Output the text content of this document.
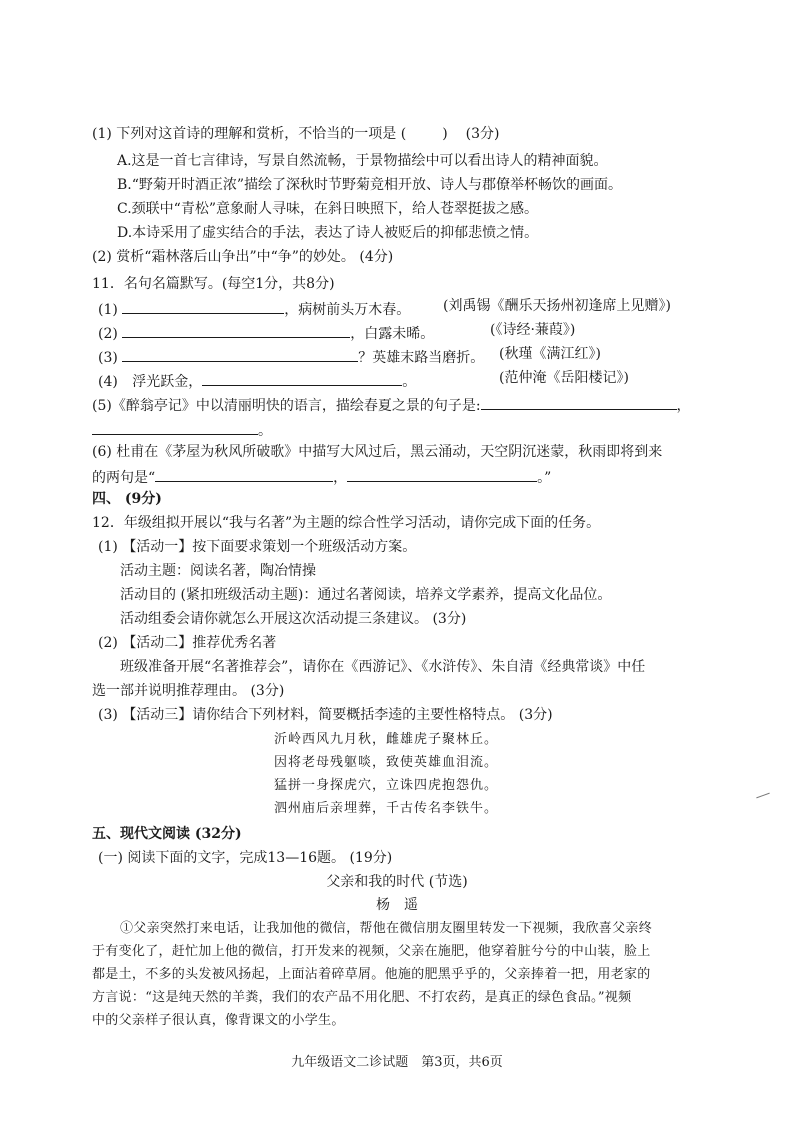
(1) 下列对这首诗的理解和赏析，不恰当的一项是 (	) (3分)
A.这是一首七言律诗，写景自然流畅，于景物描绘中可以看出诗人的精神面貌。
B.“野菊开时酒正浓”描绘了深秋时节野菊竞相开放、诗人与郡僚举杯畅饮的画面。
C.颈联中“青松”意象耐人寻味，在斜日映照下，给人苍翠挺拔之感。
D.本诗采用了虚实结合的手法，表达了诗人被贬后的抑郁悲愤之情。
(2) 赏析“霜林落后山争出”中“争”的妙处。 (4分)
11．名句名篇默写。(每空1分，共8分)
(1)	，病树前头万木春。 (刘禹锡《酬乐天扬州初逢席上见赠》)
(2)	，白露未晞。	(《诗经·蒹葭》)
(3)	？英雄末路当磨折。 (秋瑾《满江红》)
(4) 浮光跃金，	。	(范仲淹《岳阳楼记》)
(5)《醉翁亭记》中以清丽明快的语言，描绘春夏之景的句子是:	，
。
(6) 杜甫在《茅屋为秋风所破歌》中描写大风过后，黑云涌动，天空阴沉迷蒙，秋雨即将到来
的两句是“	，	。”
四、 (9分)
12．年级组拟开展以“我与名著”为主题的综合性学习活动，请你完成下面的任务。
(1) 【活动一】按下面要求策划一个班级活动方案。
活动主题：阅读名著，陶冶情操
活动目的 (紧扣班级活动主题)：通过名著阅读，培养文学素养，提高文化品位。
活动组委会请你就怎么开展这次活动提三条建议。 (3分)
(2) 【活动二】推荐优秀名著
班级准备开展“名著推荐会”，请你在《西游记》、《水浒传》、朱自清《经典常谈》中任
选一部并说明推荐理由。 (3分)
(3) 【活动三】请你结合下列材料，简要概括李逵的主要性格特点。 (3分)
沂岭西风九月秋，雌雄虎子聚林丘。
因将老母残躯啖，致使英雄血泪流。
猛拼一身探虎穴，立诛四虎抱怨仇。
泗州庙后亲埋葬，千古传名李铁牛。
五、现代文阅读 (32分)
(一) 阅读下面的文字，完成13—16题。 (19分)
父亲和我的时代 (节选)
杨　遥
①父亲突然打来电话，让我加他的微信，帮他在微信朋友圈里转发一下视频，我欣喜父亲终
于有变化了，赶忙加上他的微信，打开发来的视频，父亲在施肥，他穿着脏兮兮的中山装，脸上
都是土，不多的头发被风扬起，上面沾着碎草屑。他施的肥黑乎乎的，父亲捧着一把，用老家的
方言说：“这是纯天然的羊粪，我们的农产品不用化肥、不打农药，是真正的绿色食品。”视频
中的父亲样子很认真，像背课文的小学生。
九年级语文二诊试题　第3页，共6页
